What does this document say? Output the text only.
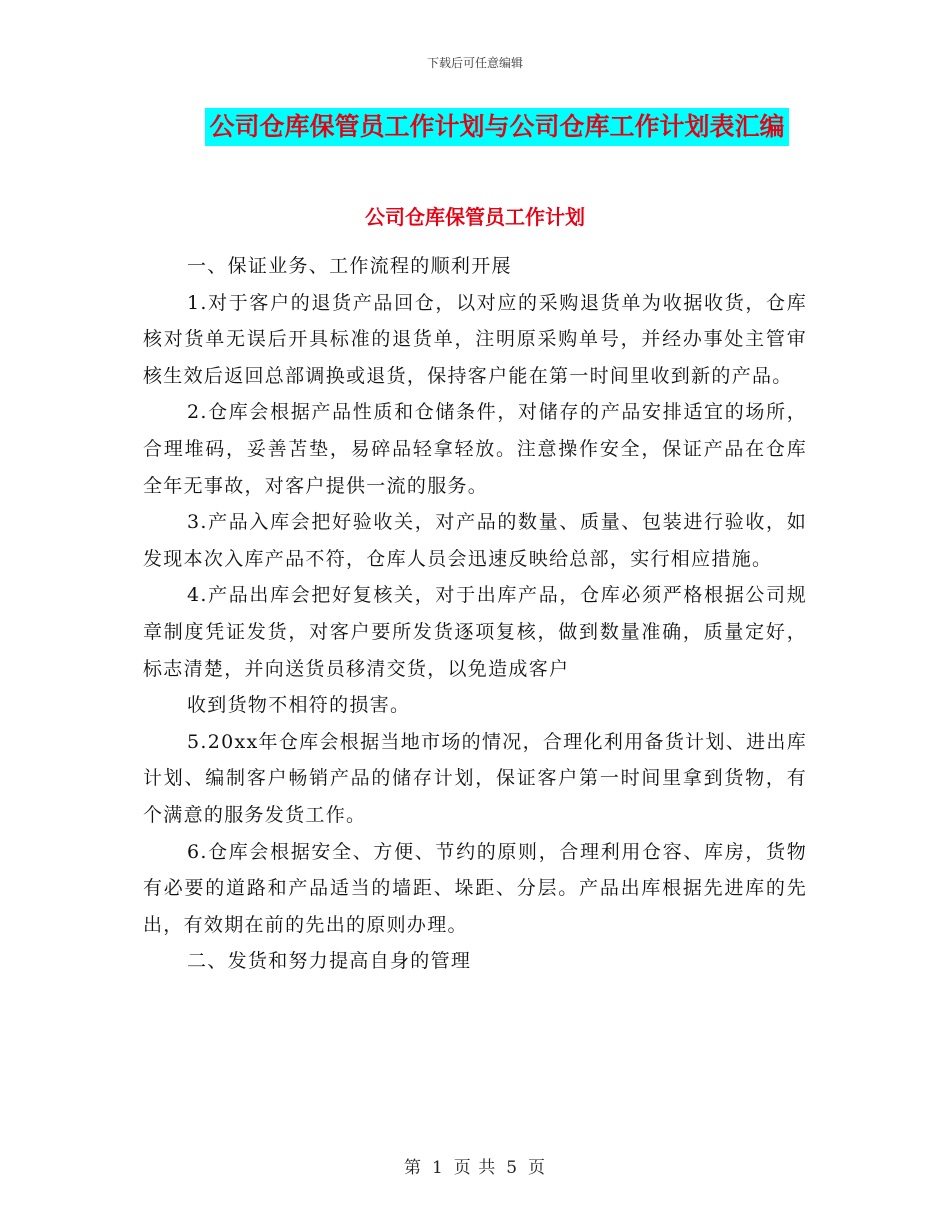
下载后可任意编辑
公司仓库保管员工作计划与公司仓库工作计划表汇编
公司仓库保管员工作计划

一、保证业务、工作流程的顺利开展

1.对于客户的退货产品回仓，以对应的采购退货单为收据收货，仓库核对货单无误后开具标准的退货单，注明原采购单号，并经办事处主管审核生效后返回总部调换或退货，保持客户能在第一时间里收到新的产品。

2.仓库会根据产品性质和仓储条件，对储存的产品安排适宜的场所，合理堆码，妥善苫垫，易碎品轻拿轻放。注意操作安全，保证产品在仓库全年无事故，对客户提供一流的服务。

3.产品入库会把好验收关，对产品的数量、质量、包装进行验收，如发现本次入库产品不符，仓库人员会迅速反映给总部，实行相应措施。

4.产品出库会把好复核关，对于出库产品，仓库必须严格根据公司规章制度凭证发货，对客户要所发货逐项复核，做到数量准确，质量定好，标志清楚，并向送货员移清交货，以免造成客户

收到货物不相符的损害。

5.20xx年仓库会根据当地市场的情况，合理化利用备货计划、进出库计划、编制客户畅销产品的储存计划，保证客户第一时间里拿到货物，有个满意的服务发货工作。

6.仓库会根据安全、方便、节约的原则，合理利用仓容、库房，货物有必要的道路和产品适当的墙距、垛距、分层。产品出库根据先进库的先出，有效期在前的先出的原则办理。

二、发货和努力提高自身的管理

第 1 页 共 5 页
